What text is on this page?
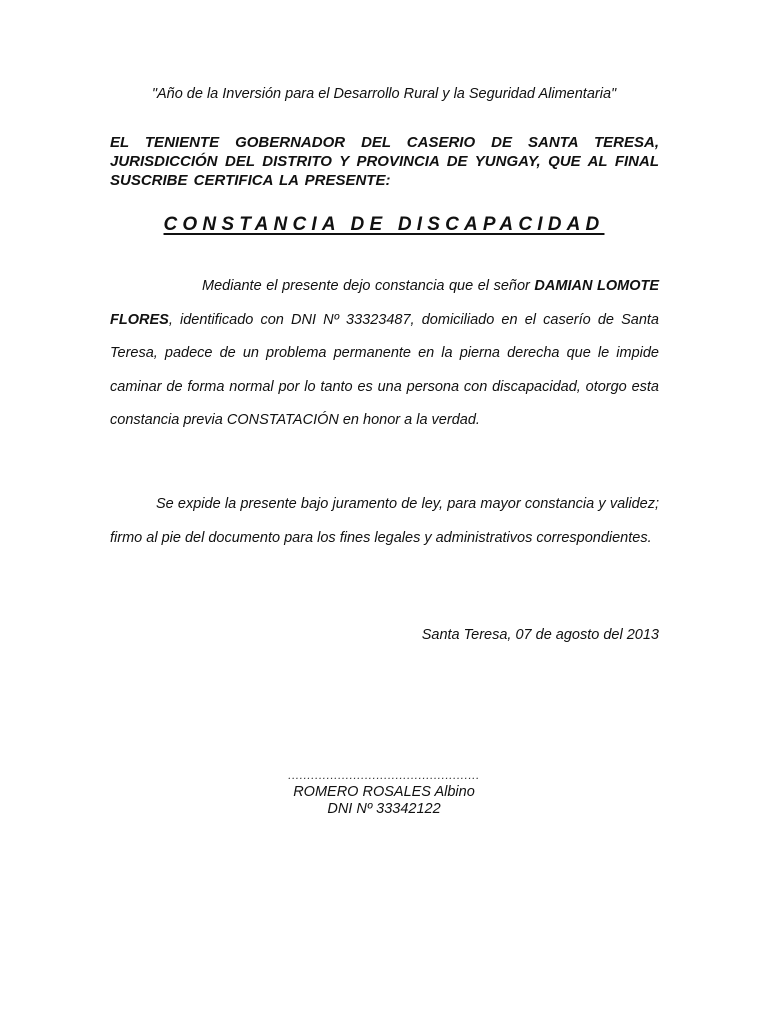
"Año de la Inversión para el Desarrollo Rural y la Seguridad Alimentaria"
EL TENIENTE GOBERNADOR DEL CASERIO DE SANTA TERESA, JURISDICCIÓN DEL DISTRITO Y PROVINCIA DE YUNGAY, QUE AL FINAL SUSCRIBE CERTIFICA LA PRESENTE:
CONSTANCIA DE DISCAPACIDAD

Mediante el presente dejo constancia que el señor DAMIAN LOMOTE FLORES, identificado con DNI Nº 33323487, domiciliado en el caserío de Santa Teresa, padece de un problema permanente en la pierna derecha que le impide caminar de forma normal por lo tanto es una persona con discapacidad, otorgo esta constancia previa CONSTATACIÓN en honor a la verdad.

Se expide la presente bajo juramento de ley, para mayor constancia y validez; firmo al pie del documento para los fines legales y administrativos correspondientes.

Santa Teresa, 07 de agosto del 2013
..................................................
ROMERO ROSALES Albino
DNI Nº 33342122
